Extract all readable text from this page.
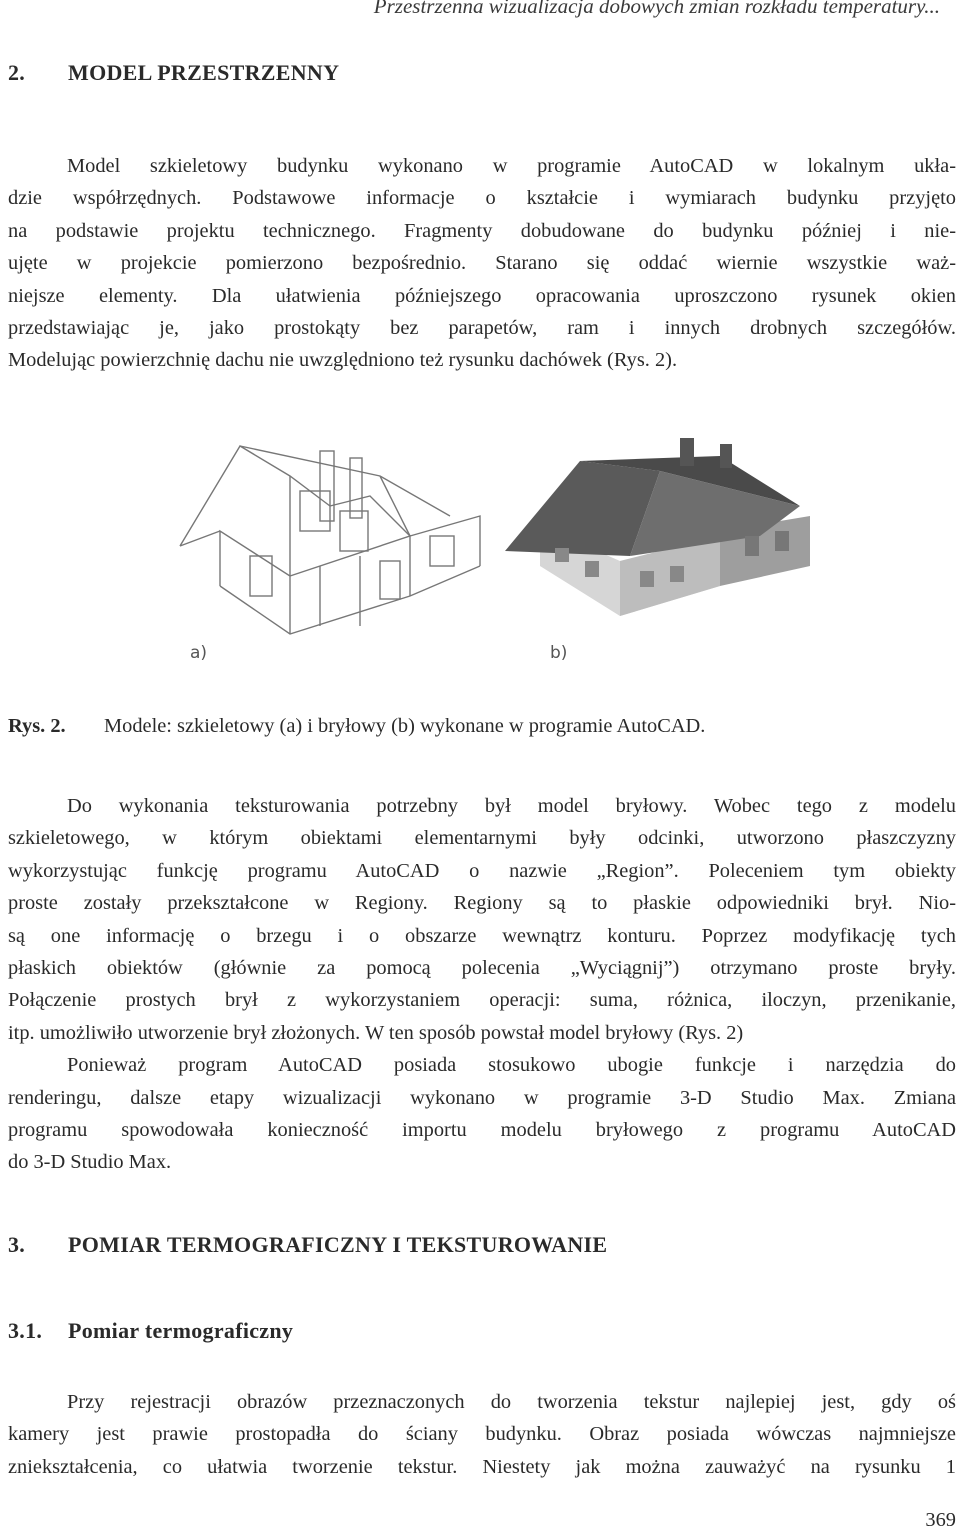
Przestrzenna wizualizacja dobowych zmian rozkładu temperatury...
2. MODEL PRZESTRZENNY
Model szkieletowy budynku wykonano w programie AutoCAD w lokalnym ukła-
dzie współrzędnych. Podstawowe informacje o kształcie i wymiarach budynku przyjęto
na podstawie projektu technicznego. Fragmenty dobudowane do budynku później i nie-
ujęte w projekcie pomierzono bezpośrednio. Starano się oddać wiernie wszystkie waż-
niejsze elementy. Dla ułatwienia późniejszego opracowania uproszczono rysunek okien
przedstawiając je, jako prostokąty bez parapetów, ram i innych drobnych szczegółów.
Modelując powierzchnię dachu nie uwzględniono też rysunku dachówek (Rys. 2).
a)	b)
Rys. 2. Modele: szkieletowy (a) i bryłowy (b) wykonane w programie AutoCAD.
Do wykonania teksturowania potrzebny był model bryłowy. Wobec tego z modelu
szkieletowego, w którym obiektami elementarnymi były odcinki, utworzono płaszczyzny
wykorzystując funkcję programu AutoCAD o nazwie „Region”. Poleceniem tym obiekty
proste zostały przekształcone w Regiony. Regiony są to płaskie odpowiedniki brył. Nio-
są one informację o brzegu i o obszarze wewnątrz konturu. Poprzez modyfikację tych
płaskich obiektów (głównie za pomocą polecenia „Wyciągnij”) otrzymano proste bryły.
Połączenie prostych brył z wykorzystaniem operacji: suma, różnica, iloczyn, przenikanie,
itp. umożliwiło utworzenie brył złożonych. W ten sposób powstał model bryłowy (Rys. 2)
Ponieważ program AutoCAD posiada stosukowo ubogie funkcje i narzędzia do
renderingu, dalsze etapy wizualizacji wykonano w programie 3-D Studio Max. Zmiana
programu spowodowała konieczność importu modelu bryłowego z programu AutoCAD
do 3-D Studio Max.
3. POMIAR TERMOGRAFICZNY I TEKSTUROWANIE
3.1. Pomiar termograficzny
Przy rejestracji obrazów przeznaczonych do tworzenia tekstur najlepiej jest, gdy oś
kamery jest prawie prostopadła do ściany budynku. Obraz posiada wówczas najmniejsze
zniekształcenia, co ułatwia tworzenie tekstur. Niestety jak można zauważyć na rysunku 1
369
